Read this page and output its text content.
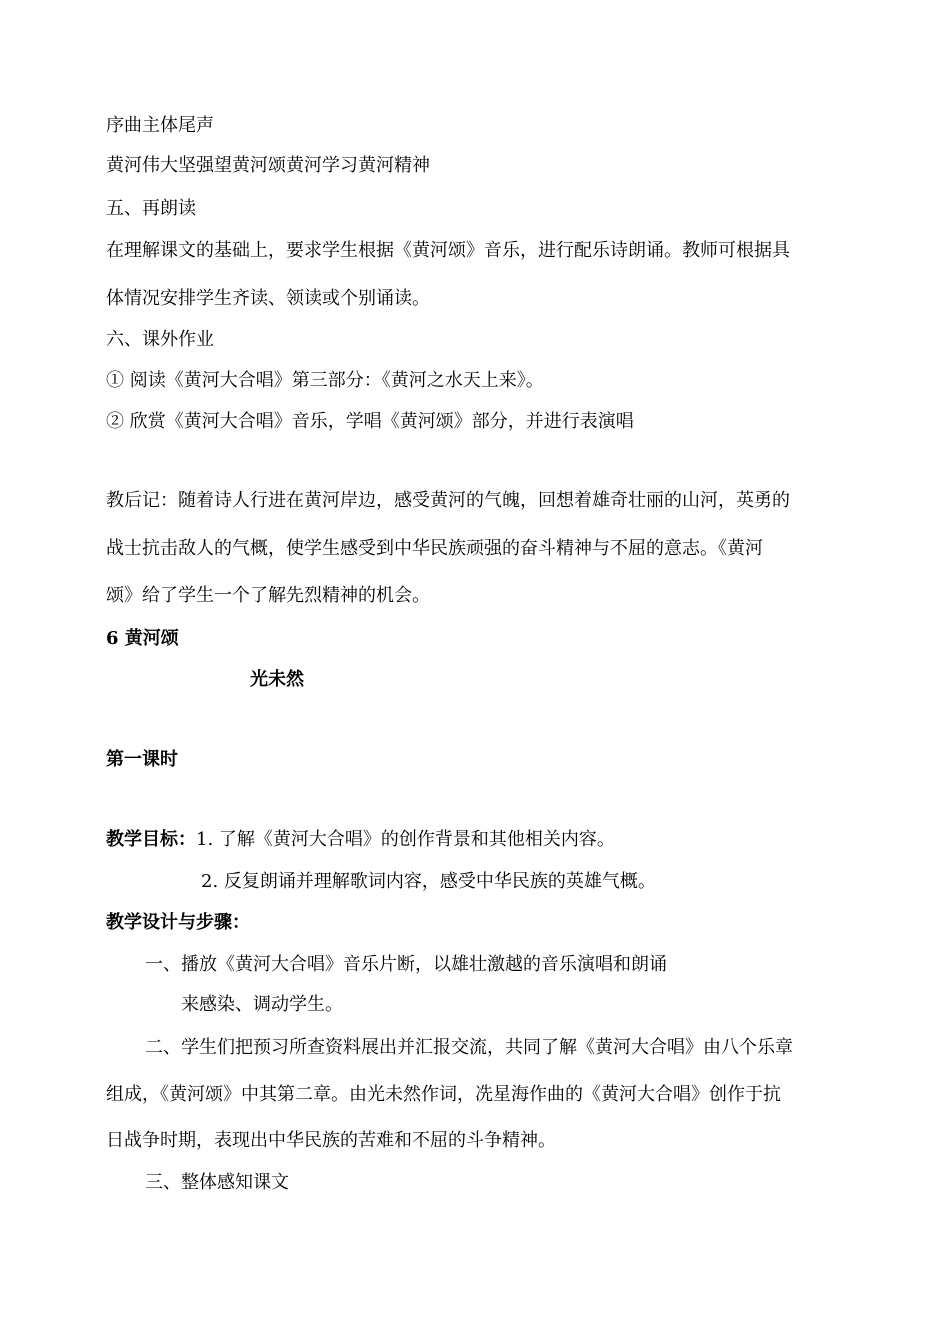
序曲主体尾声
黄河伟大坚强望黄河颂黄河学习黄河精神
五、再朗读
在理解课文的基础上，要求学生根据《黄河颂》音乐，进行配乐诗朗诵。教师可根据具
体情况安排学生齐读、领读或个别诵读。
六、课外作业
① 阅读《黄河大合唱》第三部分：《黄河之水天上来》。
② 欣赏《黄河大合唱》音乐，学唱《黄河颂》部分，并进行表演唱
教后记：随着诗人行进在黄河岸边，感受黄河的气魄，回想着雄奇壮丽的山河，英勇的
战士抗击敌人的气概，使学生感受到中华民族顽强的奋斗精神与不屈的意志。《黄河
颂》给了学生一个了解先烈精神的机会。
6 黄河颂
光未然
第一课时
教学目标：1. 了解《黄河大合唱》的创作背景和其他相关内容。
2. 反复朗诵并理解歌词内容，感受中华民族的英雄气概。
教学设计与步骤：
一、播放《黄河大合唱》音乐片断，以雄壮激越的音乐演唱和朗诵
来感染、调动学生。
二、学生们把预习所查资料展出并汇报交流，共同了解《黄河大合唱》由八个乐章
组成，《黄河颂》中其第二章。由光未然作词，冼星海作曲的《黄河大合唱》创作于抗
日战争时期，表现出中华民族的苦难和不屈的斗争精神。
三、整体感知课文
